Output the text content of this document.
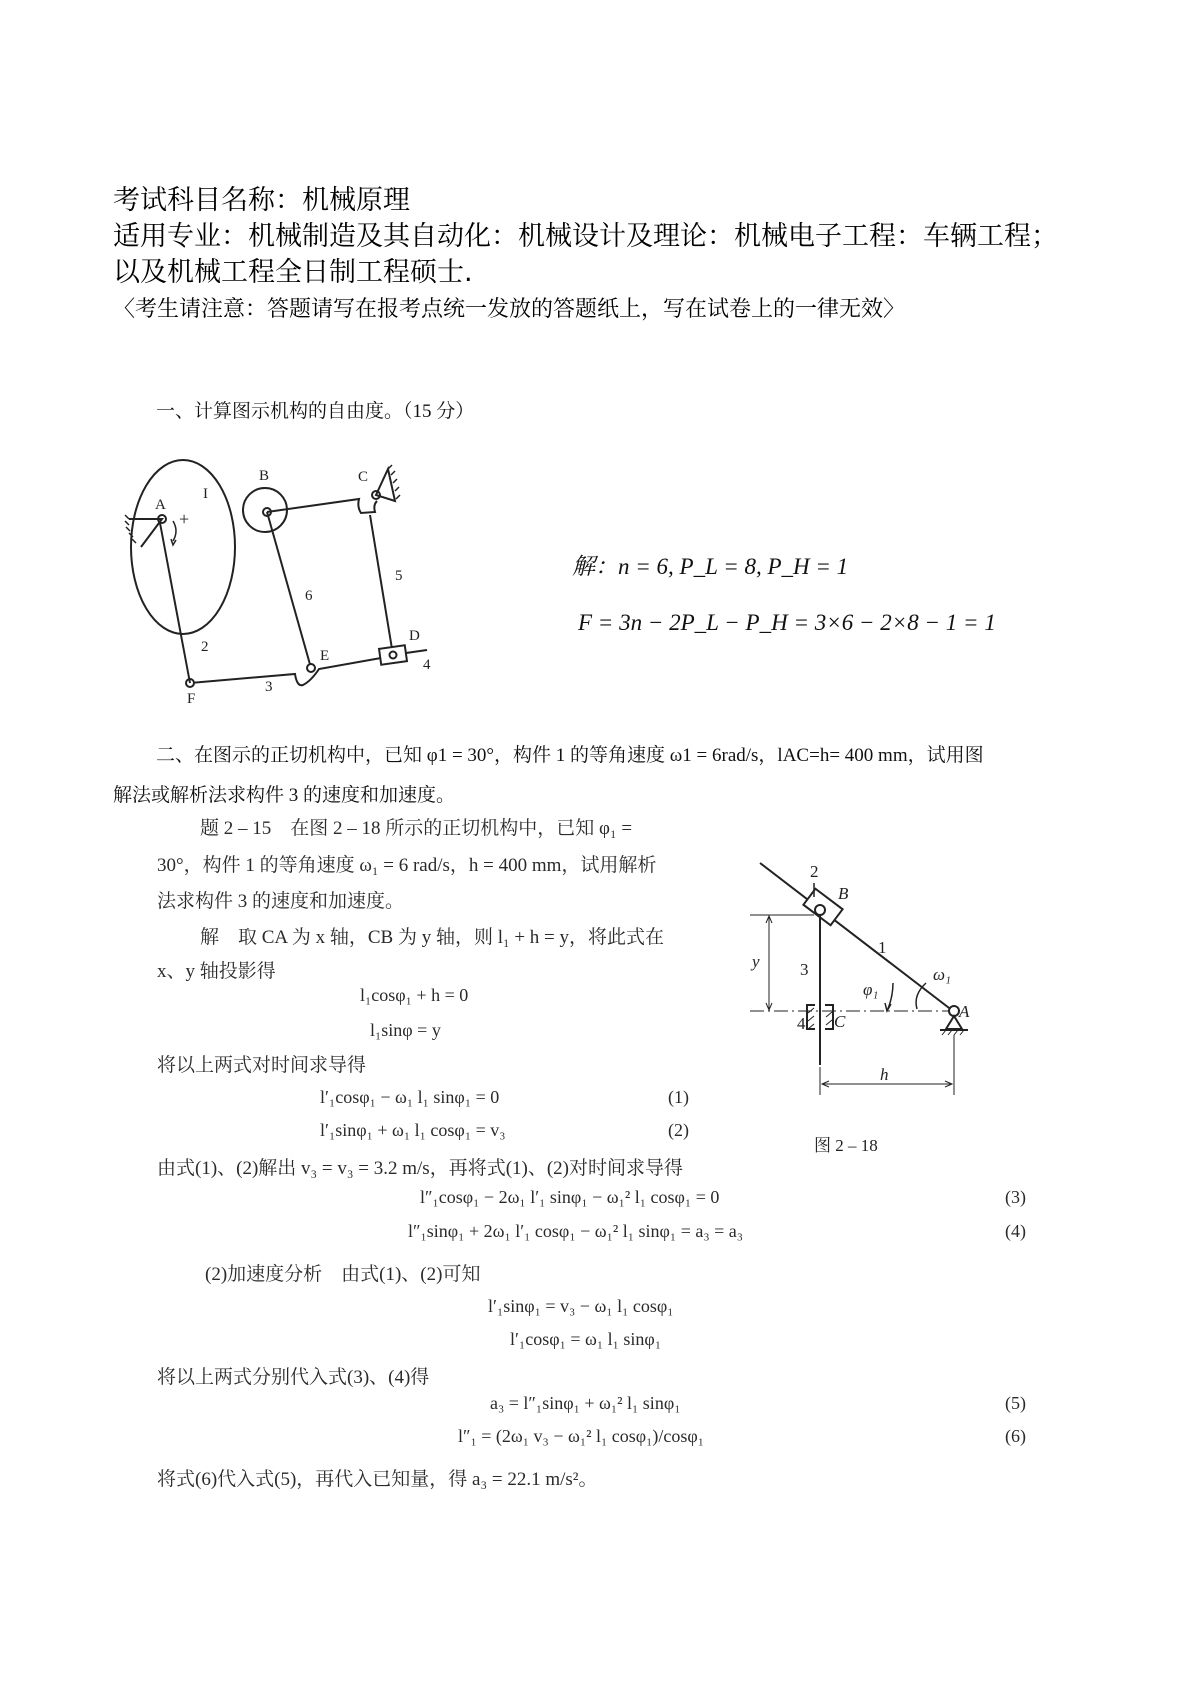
考试科目名称：机械原理
适用专业：机械制造及其自动化：机械设计及理论：机械电子工程：车辆工程；
以及机械工程全日制工程硕士.
〈考生请注意：答题请写在报考点统一发放的答题纸上，写在试卷上的一律无效〉
一、计算图示机构的自由度。（15 分）
+
A
I
B	C
5
6
D
4
E
2
3
F
解：n = 6, P_L = 8, P_H = 1
F = 3n − 2P_L − P_H = 3×6 − 2×8 − 1 = 1
二、在图示的正切机构中，已知 φ1 = 30°，构件 1 的等角速度 ω1 = 6rad/s，lAC=h= 400 mm，试用图
解法或解析法求构件 3 的速度和加速度。
题 2 – 15　在图 2 – 18 所示的正切机构中，已知 φ₁ =
30°，构件 1 的等角速度 ω₁ = 6 rad/s，h = 400 mm，试用解析
法求构件 3 的速度和加速度。
解　取 CA 为 x 轴，CB 为 y 轴，则 l₁ + h = y，将此式在
x、y 轴投影得
l₁cosφ₁ + h = 0
l₁sinφ = y
将以上两式对时间求导得
l′₁cosφ₁ − ω₁ l₁ sinφ₁ = 0	(1)
l′₁sinφ₁ + ω₁ l₁ cosφ₁ = v₃	(2)
由式(1)、(2)解出 v₃ = v₃ = 3.2 m/s，再将式(1)、(2)对时间求导得
l″₁cosφ₁ − 2ω₁ l′₁ sinφ₁ − ω₁² l₁ cosφ₁ = 0	(3)
l″₁sinφ₁ + 2ω₁ l′₁ cosφ₁ − ω₁² l₁ sinφ₁ = a₃ = a₃	(4)
(2)加速度分析　由式(1)、(2)可知
l′₁sinφ₁ = v₃ − ω₁ l₁ cosφ₁
l′₁cosφ₁ = ω₁ l₁ sinφ₁
将以上两式分别代入式(3)、(4)得
a₃ = l″₁sinφ₁ + ω₁² l₁ sinφ₁	(5)
l″₁ = (2ω₁ v₃ − ω₁² l₁ cosφ₁)/cosφ₁	(6)
将式(6)代入式(5)，再代入已知量，得 a₃ = 22.1 m/s²。
2
B
1
3
4 C
A
y
h
φ₁
ω₁
图 2 – 18
